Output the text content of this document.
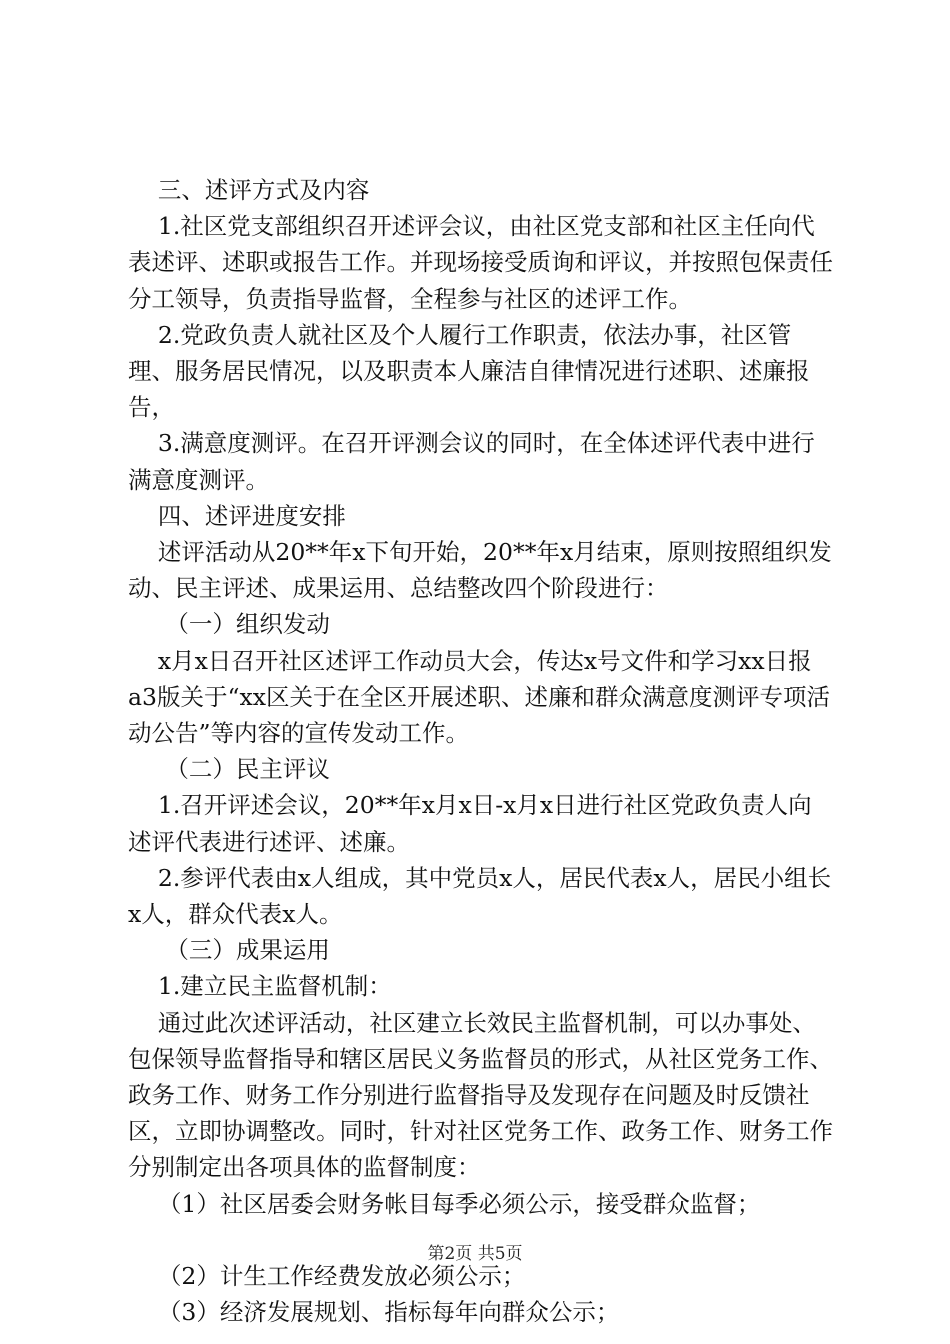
三、述评方式及内容

1.社区党支部组织召开述评会议，由社区党支部和社区主任向代表述评、述职或报告工作。并现场接受质询和评议，并按照包保责任分工领导，负责指导监督，全程参与社区的述评工作。

2.党政负责人就社区及个人履行工作职责，依法办事，社区管理、服务居民情况，以及职责本人廉洁自律情况进行述职、述廉报告，

3.满意度测评。在召开评测会议的同时，在全体述评代表中进行满意度测评。

四、述评进度安排

述评活动从20**年x下旬开始，20**年x月结束，原则按照组织发动、民主评述、成果运用、总结整改四个阶段进行：

（一）组织发动

x月x日召开社区述评工作动员大会，传达x号文件和学习xx日报a3版关于“xx区关于在全区开展述职、述廉和群众满意度测评专项活动公告”等内容的宣传发动工作。

（二）民主评议

1.召开评述会议，20**年x月x日-x月x日进行社区党政负责人向述评代表进行述评、述廉。

2.参评代表由x人组成，其中党员x人，居民代表x人，居民小组长x人，群众代表x人。

（三）成果运用

1.建立民主监督机制：

通过此次述评活动，社区建立长效民主监督机制，可以办事处、包保领导监督指导和辖区居民义务监督员的形式，从社区党务工作、政务工作、财务工作分别进行监督指导及发现存在问题及时反馈社区，立即协调整改。同时，针对社区党务工作、政务工作、财务工作分别制定出各项具体的监督制度：

（1）社区居委会财务帐目每季必须公示，接受群众监督；

（2）计生工作经费发放必须公示；

（3）经济发展规划、指标每年向群众公示；

第2页 共5页
